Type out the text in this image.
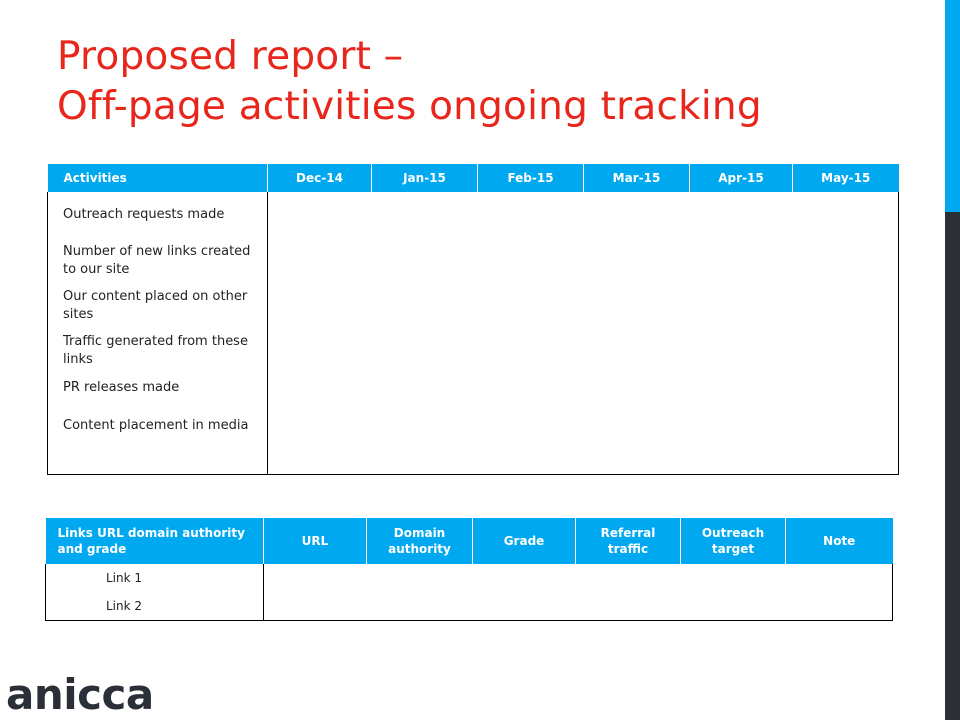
Proposed report –
Off-page activities ongoing tracking
Activities	Dec-14	Jan-15	Feb-15	Mar-15	Apr-15	May-15
Outreach requests made						
Number of new links created to our site						
Our content placed on other sites						
Traffic generated from these links						
PR releases made						
Content placement in media						

Links URL domain authority and grade	URL	Domain authority	Grade	Referral traffic	Outreach target	Note
Link 1						
Link 2						
anicca
